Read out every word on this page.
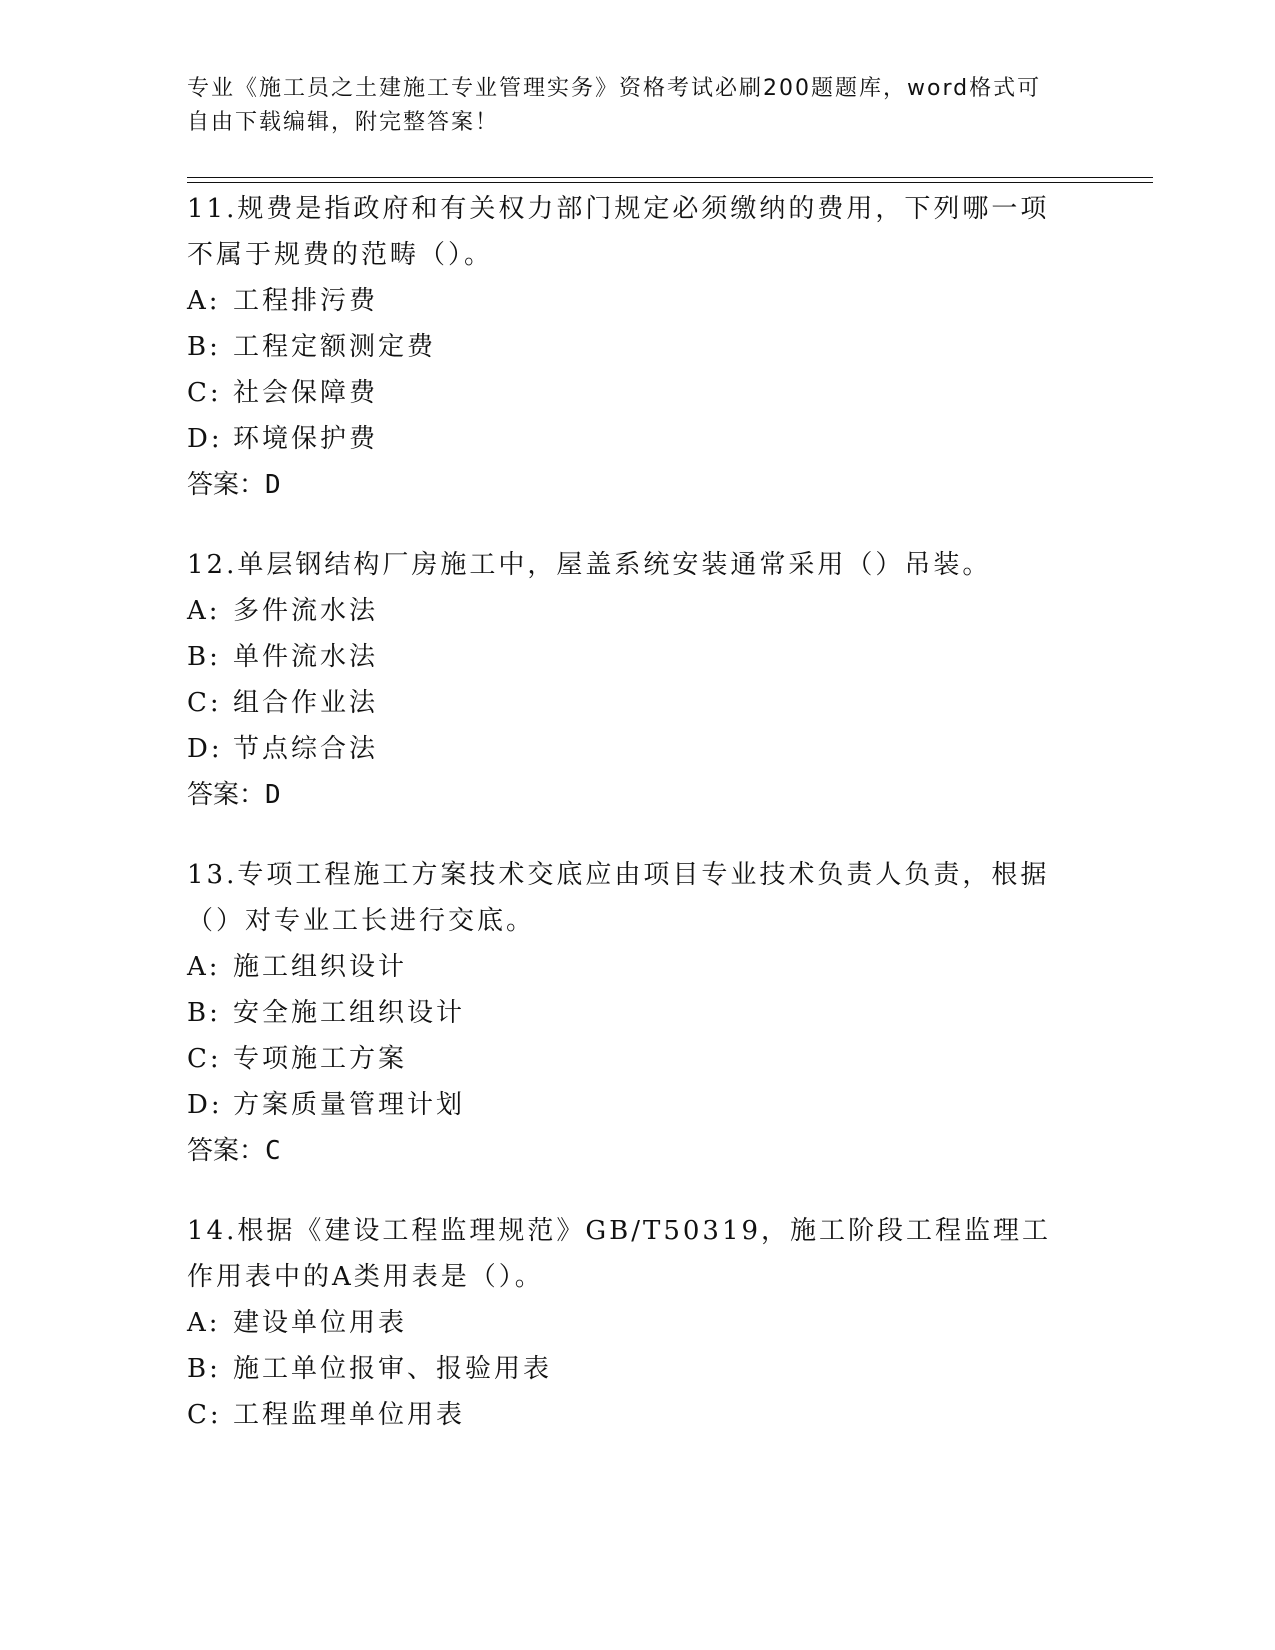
专业《施工员之土建施工专业管理实务》资格考试必刷200题题库，word格式可
自由下载编辑，附完整答案！

11.规费是指政府和有关权力部门规定必须缴纳的费用，下列哪一项不属于规费的范畴（）。

A: 工程排污费

B: 工程定额测定费

C: 社会保障费

D: 环境保护费

答案：D

12.单层钢结构厂房施工中，屋盖系统安装通常采用（）吊装。

A: 多件流水法

B: 单件流水法

C: 组合作业法

D: 节点综合法

答案：D

13.专项工程施工方案技术交底应由项目专业技术负责人负责，根据（）对专业工长进行交底。

A: 施工组织设计

B: 安全施工组织设计

C: 专项施工方案

D: 方案质量管理计划

答案：C

14.根据《建设工程监理规范》GB/T50319，施工阶段工程监理工作用表中的A类用表是（）。

A: 建设单位用表

B: 施工单位报审、报验用表

C: 工程监理单位用表
